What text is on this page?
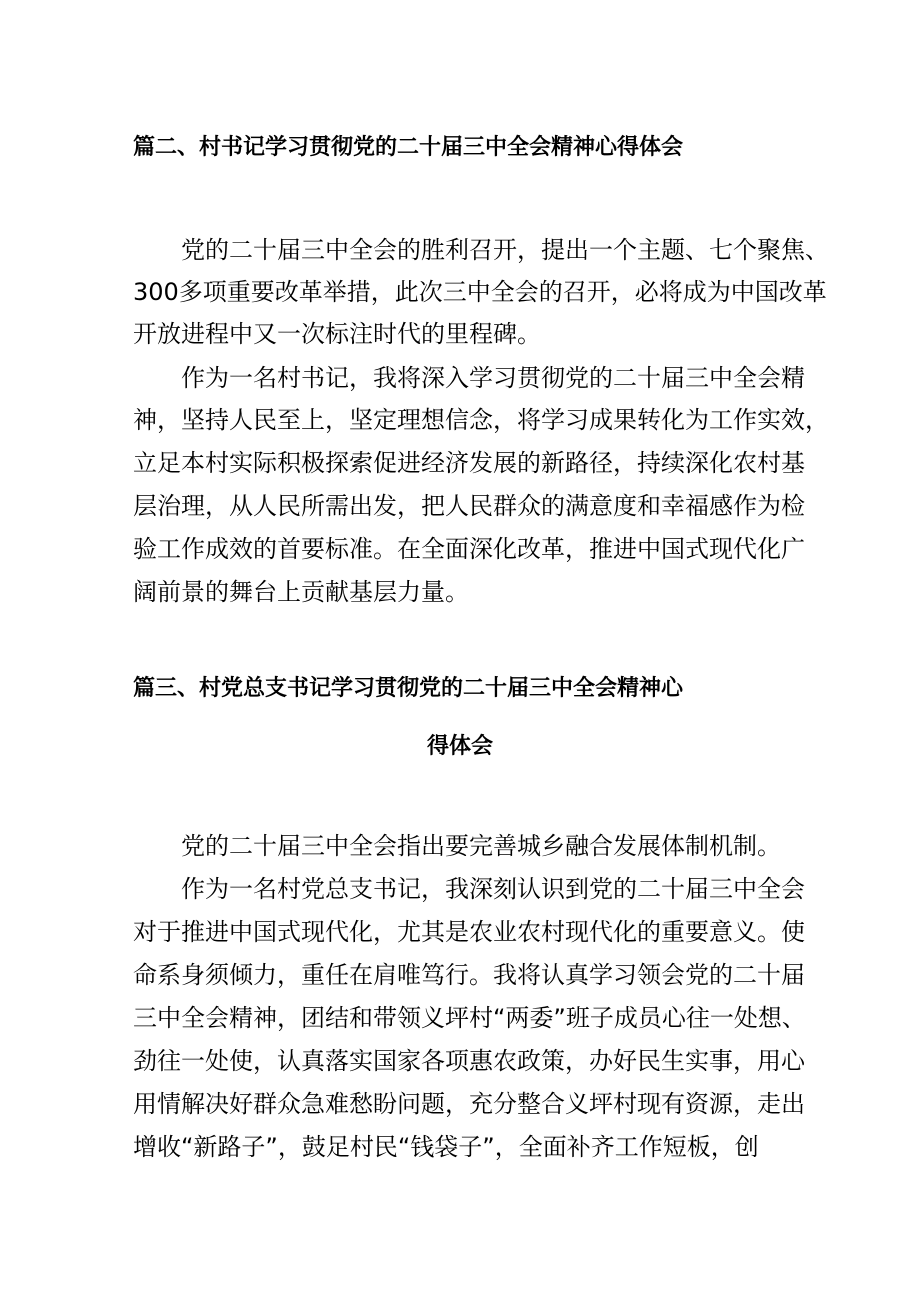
篇二、村书记学习贯彻党的二十届三中全会精神心得体会

党的二十届三中全会的胜利召开，提出一个主题、七个聚焦、

300多项重要改革举措，此次三中全会的召开，必将成为中国改革

开放进程中又一次标注时代的里程碑。

作为一名村书记，我将深入学习贯彻党的二十届三中全会精

神，坚持人民至上，坚定理想信念，将学习成果转化为工作实效，

立足本村实际积极探索促进经济发展的新路径，持续深化农村基

层治理，从人民所需出发，把人民群众的满意度和幸福感作为检

验工作成效的首要标准。在全面深化改革，推进中国式现代化广

阔前景的舞台上贡献基层力量。

篇三、村党总支书记学习贯彻党的二十届三中全会精神心
得体会

党的二十届三中全会指出要完善城乡融合发展体制机制。

作为一名村党总支书记，我深刻认识到党的二十届三中全会

对于推进中国式现代化，尤其是农业农村现代化的重要意义。使

命系身须倾力，重任在肩唯笃行。我将认真学习领会党的二十届

三中全会精神，团结和带领义坪村“两委”班子成员心往一处想、

劲往一处使，认真落实国家各项惠农政策，办好民生实事，用心

用情解决好群众急难愁盼问题，充分整合义坪村现有资源，走出

增收“新路子”，鼓足村民“钱袋子”，全面补齐工作短板，创
